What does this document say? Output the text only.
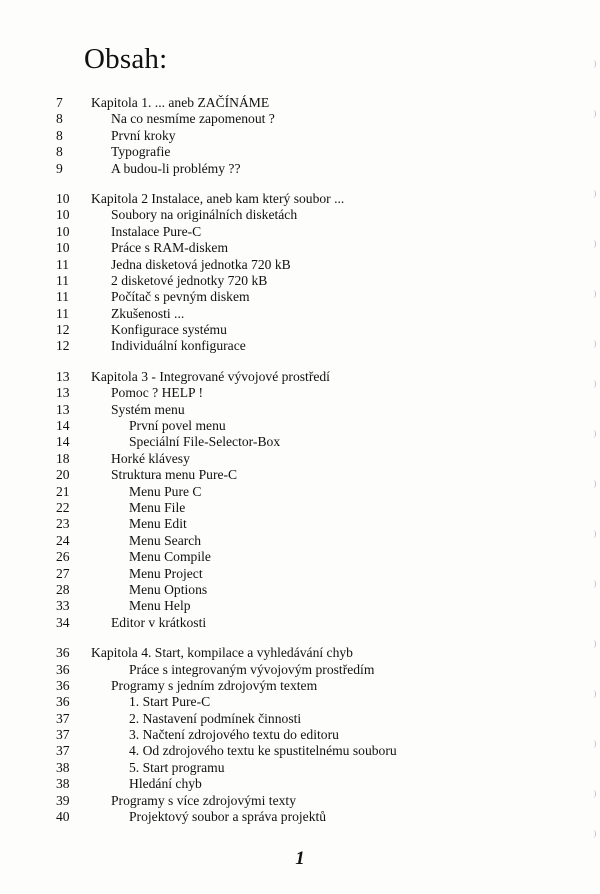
Obsah:
7	Kapitola 1. ... aneb ZAČÍNÁME
8	Na co nesmíme zapomenout ?
8	První kroky
8	Typografie
9	A budou-li problémy ??
10	Kapitola 2 Instalace, aneb kam který soubor ...
10	Soubory na originálních disketách
10	Instalace Pure-C
10	Práce s RAM-diskem
11	Jedna disketová jednotka 720 kB
11	2 disketové jednotky 720 kB
11	Počítač s pevným diskem
11	Zkušenosti ...
12	Konfigurace systému
12	Individuální konfigurace
13	Kapitola 3 - Integrované vývojové prostředí
13	Pomoc ? HELP !
13	Systém menu
14	První povel menu
14	Speciální File-Selector-Box
18	Horké klávesy
20	Struktura menu Pure-C
21	Menu Pure C
22	Menu File
23	Menu Edit
24	Menu Search
26	Menu Compile
27	Menu Project
28	Menu Options
33	Menu Help
34	Editor v krátkosti
36	Kapitola 4. Start, kompilace a vyhledávání chyb
36	Práce s integrovaným vývojovým prostředím
36	Programy s jedním zdrojovým textem
36	1. Start Pure-C
37	2. Nastavení podmínek činnosti
37	3. Načtení zdrojového textu do editoru
37	4. Od zdrojového textu ke spustitelnému souboru
38	5. Start programu
38	Hledání chyb
39	Programy s více zdrojovými texty
40	Projektový soubor a správa projektů
1
